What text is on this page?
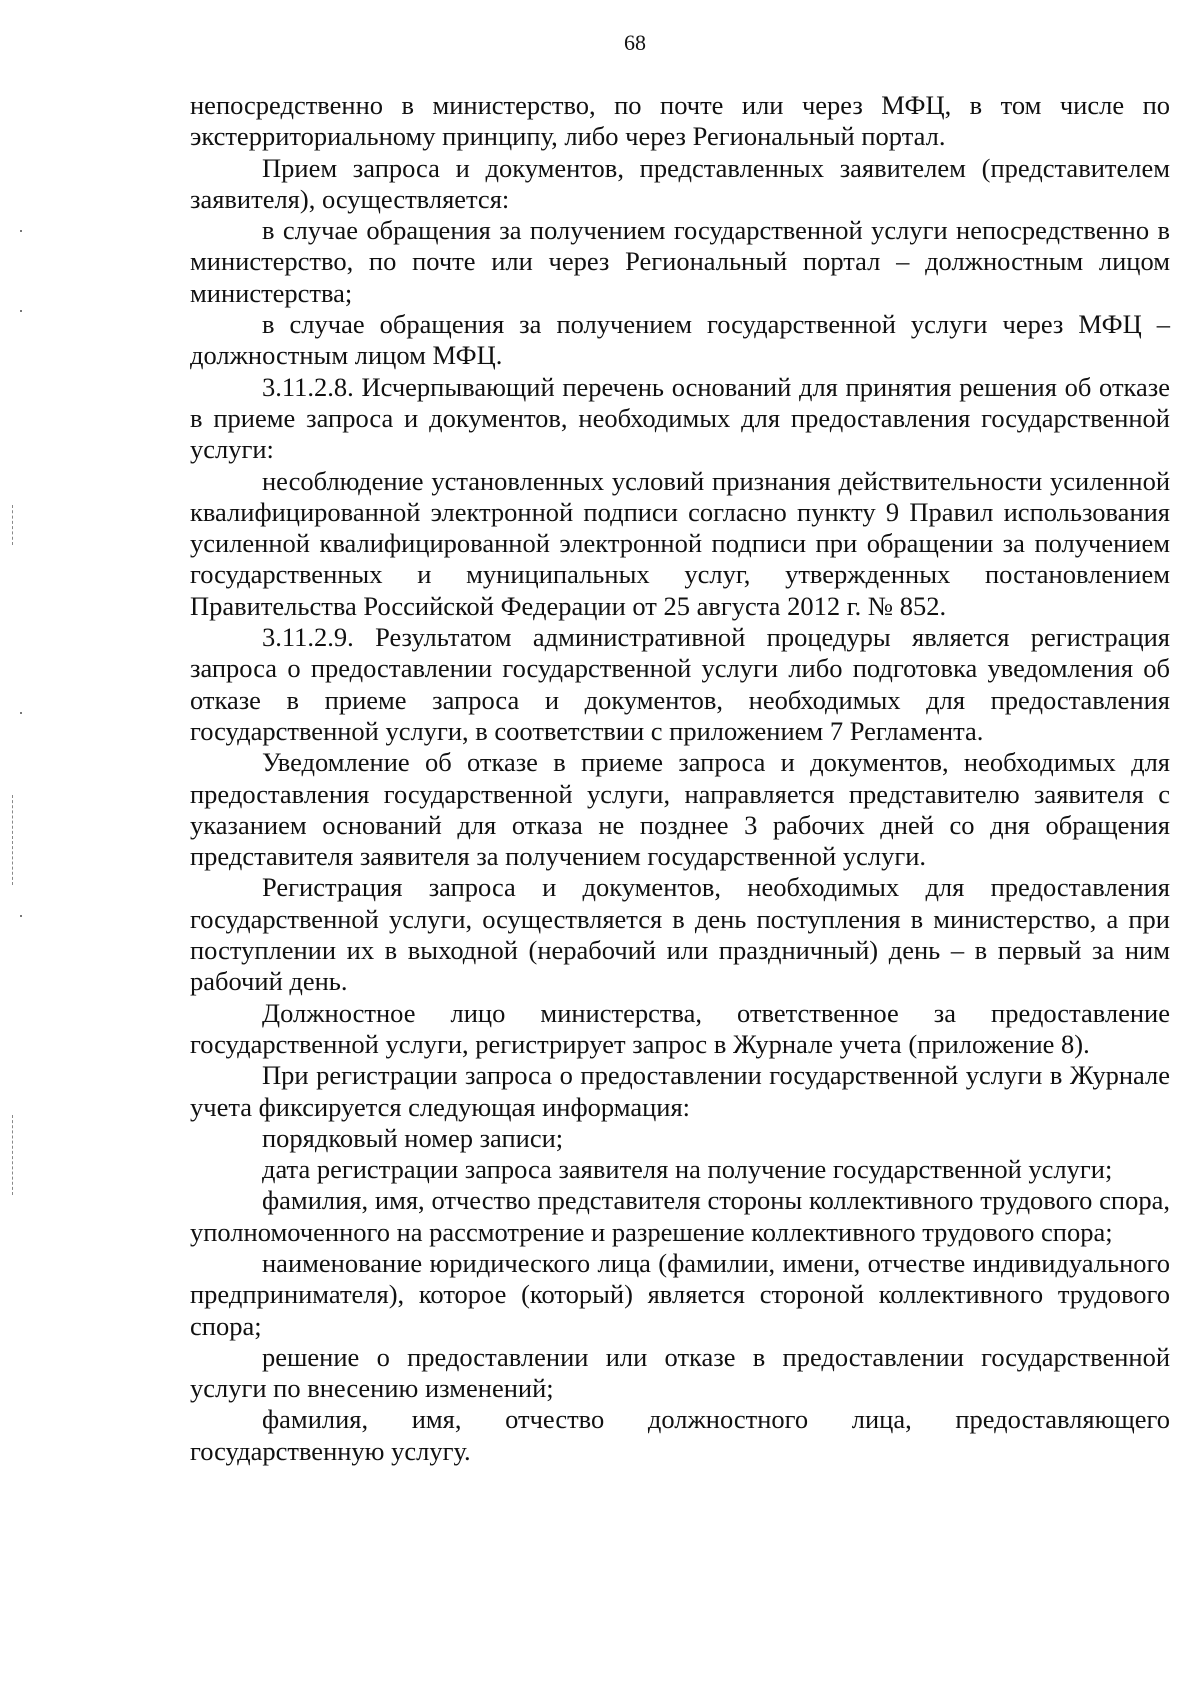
68

непосредственно в министерство, по почте или через МФЦ, в том числе по экстерриториальному принципу, либо через Региональный портал.

Прием запроса и документов, представленных заявителем (представителем заявителя), осуществляется:

в случае обращения за получением государственной услуги непосредственно в министерство, по почте или через Региональный портал – должностным лицом министерства;

в случае обращения за получением государственной услуги через МФЦ – должностным лицом МФЦ.

3.11.2.8. Исчерпывающий перечень оснований для принятия решения об отказе в приеме запроса и документов, необходимых для предоставления государственной услуги:

несоблюдение установленных условий признания действительности усиленной квалифицированной электронной подписи согласно пункту 9 Правил использования усиленной квалифицированной электронной подписи при обращении за получением государственных и муниципальных услуг, утвержденных постановлением Правительства Российской Федерации от 25 августа 2012 г. № 852.

3.11.2.9. Результатом административной процедуры является регистрация запроса о предоставлении государственной услуги либо подготовка уведомления об отказе в приеме запроса и документов, необходимых для предоставления государственной услуги, в соответствии с приложением 7 Регламента.

Уведомление об отказе в приеме запроса и документов, необходимых для предоставления государственной услуги, направляется представителю заявителя с указанием оснований для отказа не позднее 3 рабочих дней со дня обращения представителя заявителя за получением государственной услуги.

Регистрация запроса и документов, необходимых для предоставления государственной услуги, осуществляется в день поступления в министерство, а при поступлении их в выходной (нерабочий или праздничный) день – в первый за ним рабочий день.

Должностное лицо министерства, ответственное за предоставление государственной услуги, регистрирует запрос в Журнале учета (приложение 8).

При регистрации запроса о предоставлении государственной услуги в Журнале учета фиксируется следующая информация:

порядковый номер записи;

дата регистрации запроса заявителя на получение государственной услуги;

фамилия, имя, отчество представителя стороны коллективного трудового спора, уполномоченного на рассмотрение и разрешение коллективного трудового спора;

наименование юридического лица (фамилии, имени, отчестве индивидуального предпринимателя), которое (который) является стороной коллективного трудового спора;

решение о предоставлении или отказе в предоставлении государственной услуги по внесению изменений;

фамилия, имя, отчество должностного лица, предоставляющего государственную услугу.
